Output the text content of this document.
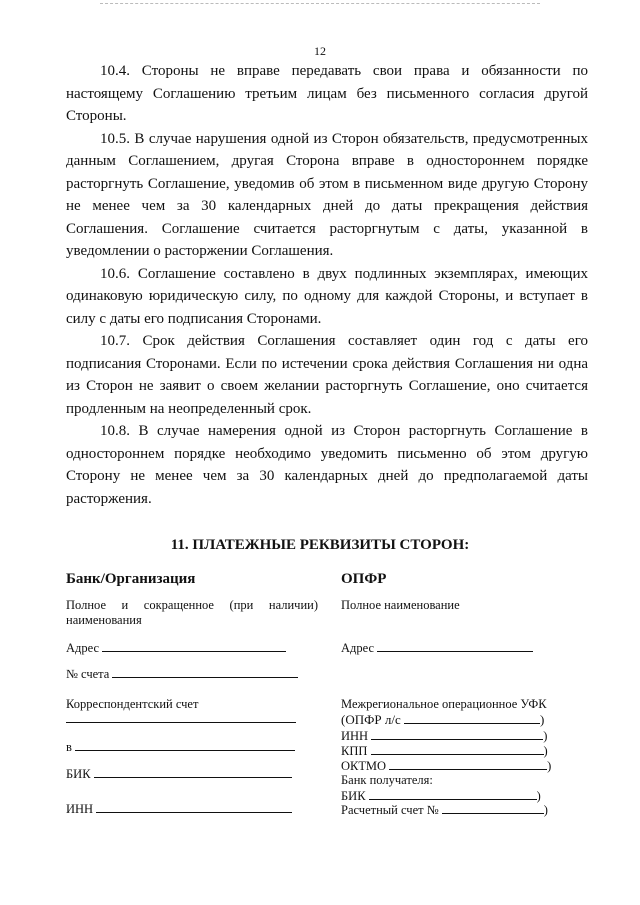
12

10.4. Стороны не вправе передавать свои права и обязанности по настоящему Соглашению третьим лицам без письменного согласия другой Стороны.

10.5. В случае нарушения одной из Сторон обязательств, предусмотренных данным Соглашением, другая Сторона вправе в одностороннем порядке расторгнуть Соглашение, уведомив об этом в письменном виде другую Сторону не менее чем за 30 календарных дней до даты прекращения действия Соглашения. Соглашение считается расторгнутым с даты, указанной в уведомлении о расторжении Соглашения.

10.6. Соглашение составлено в двух подлинных экземплярах, имеющих одинаковую юридическую силу, по одному для каждой Стороны, и вступает в силу с даты его подписания Сторонами.

10.7. Срок действия Соглашения составляет один год с даты его подписания Сторонами. Если по истечении срока действия Соглашения ни одна из Сторон не заявит о своем желании расторгнуть Соглашение, оно считается продленным на неопределенный срок.

10.8. В случае намерения одной из Сторон расторгнуть Соглашение в одностороннем порядке необходимо уведомить письменно об этом другую Сторону не менее чем за 30 календарных дней до предполагаемой даты расторжения.

11. ПЛАТЕЖНЫЕ РЕКВИЗИТЫ СТОРОН:
Банк/Организация
Полное и сокращенное (при наличии) наименования
Адрес
№ счета
Корреспондентский счет
в
БИК
ИНН
ОПФР
Полное наименование
Адрес
Межрегиональное операционное УФК
(ОПФР л/с	)
ИНН	)
КПП	)
ОКТМО	)
Банк получателя:
БИК	)
Расчетный счет №	)
